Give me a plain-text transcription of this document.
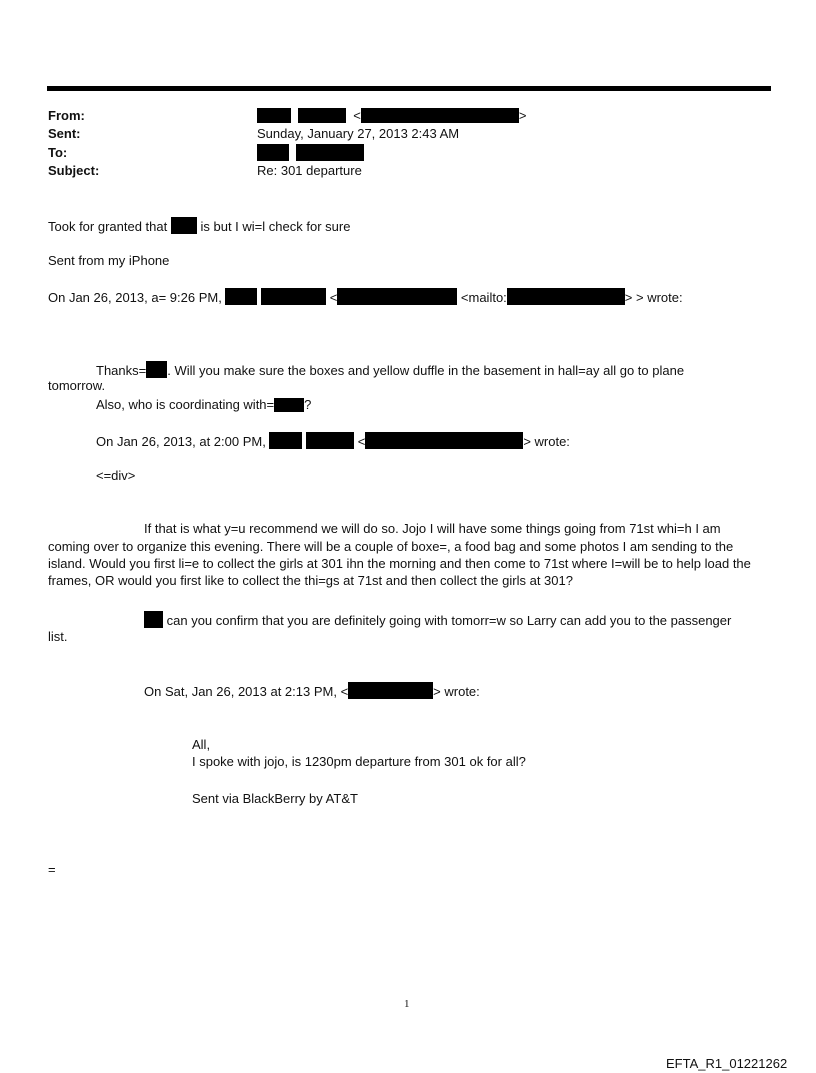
From:	<	>
Sent:	Sunday, January 27, 2013 2:43 AM
To:

Subject:	Re: 301 departure
Took for granted that	is but I wi=l check for sure
Sent from my iPhone
On Jan 26, 2013, a= 9:26 PM,	<	<mailto:	> > wrote:
Thanks= . Will you make sure the boxes and yellow duffle in the basement in hall=ay all go to plane
tomorrow.
Also, who is coordinating with= ?
On Jan 26, 2013, at 2:00 PM,	<	> wrote:
<=div>
If that is what y=u recommend we will do so. Jojo I will have some things going from 71st whi=h I am
coming over to organize this evening. There will be a couple of boxe=, a food bag and some photos I am sending to the island. Would you first li=e to collect the girls at 301 ihn the morning and then come to 71st where I=will be to help load the frames, OR would you first like to collect the thi=gs at 71st and then collect the girls at 301?
can you confirm that you are definitely going with tomorr=w so Larry can add you to the passenger
list.
On Sat, Jan 26, 2013 at 2:13 PM, <	> wrote:
All,
I spoke with jojo, is 1230pm departure from 301 ok for all?
Sent via BlackBerry by AT&T
=
1
EFTA_R1_01221262
